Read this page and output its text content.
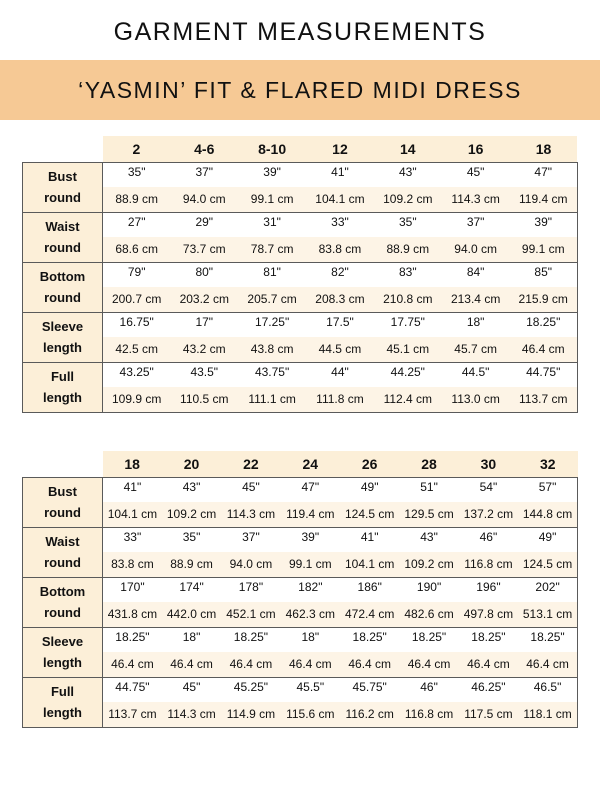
GARMENT MEASUREMENTS
‘YASMIN’ FIT & FLARED MIDI DRESS
	2	4-6	8-10	12	14	16	18

Bust
round	35"	37"	39"	41"	43"	45"	47"
	88.9 cm	94.0 cm	99.1 cm	104.1 cm	109.2 cm	114.3 cm	119.4 cm

Waist
round	27"	29"	31"	33"	35"	37"	39"
	68.6 cm	73.7 cm	78.7 cm	83.8 cm	88.9 cm	94.0 cm	99.1 cm

Bottom
round	79"	80"	81"	82"	83"	84"	85"
	200.7 cm	203.2 cm	205.7 cm	208.3 cm	210.8 cm	213.4 cm	215.9 cm

Sleeve
length	16.75"	17"	17.25"	17.5"	17.75"	18"	18.25"
	42.5 cm	43.2 cm	43.8 cm	44.5 cm	45.1 cm	45.7 cm	46.4 cm

Full
length	43.25"	43.5"	43.75"	44"	44.25"	44.5"	44.75"
	109.9 cm	110.5 cm	111.1 cm	111.8 cm	112.4 cm	113.0 cm	113.7 cm
	18	20	22	24	26	28	30	32

Bust
round	41"	43"	45"	47"	49"	51"	54"	57"
	104.1 cm	109.2 cm	114.3 cm	119.4 cm	124.5 cm	129.5 cm	137.2 cm	144.8 cm

Waist
round	33"	35"	37"	39"	41"	43"	46"	49"
	83.8 cm	88.9 cm	94.0 cm	99.1 cm	104.1 cm	109.2 cm	116.8 cm	124.5 cm

Bottom
round	170"	174"	178"	182"	186"	190"	196"	202"
	431.8 cm	442.0 cm	452.1 cm	462.3 cm	472.4 cm	482.6 cm	497.8 cm	513.1 cm

Sleeve
length	18.25"	18"	18.25"	18"	18.25"	18.25"	18.25"	18.25"
	46.4 cm	46.4 cm	46.4 cm	46.4 cm	46.4 cm	46.4 cm	46.4 cm	46.4 cm

Full
length	44.75"	45"	45.25"	45.5"	45.75"	46"	46.25"	46.5"
	113.7 cm	114.3 cm	114.9 cm	115.6 cm	116.2 cm	116.8 cm	117.5 cm	118.1 cm
